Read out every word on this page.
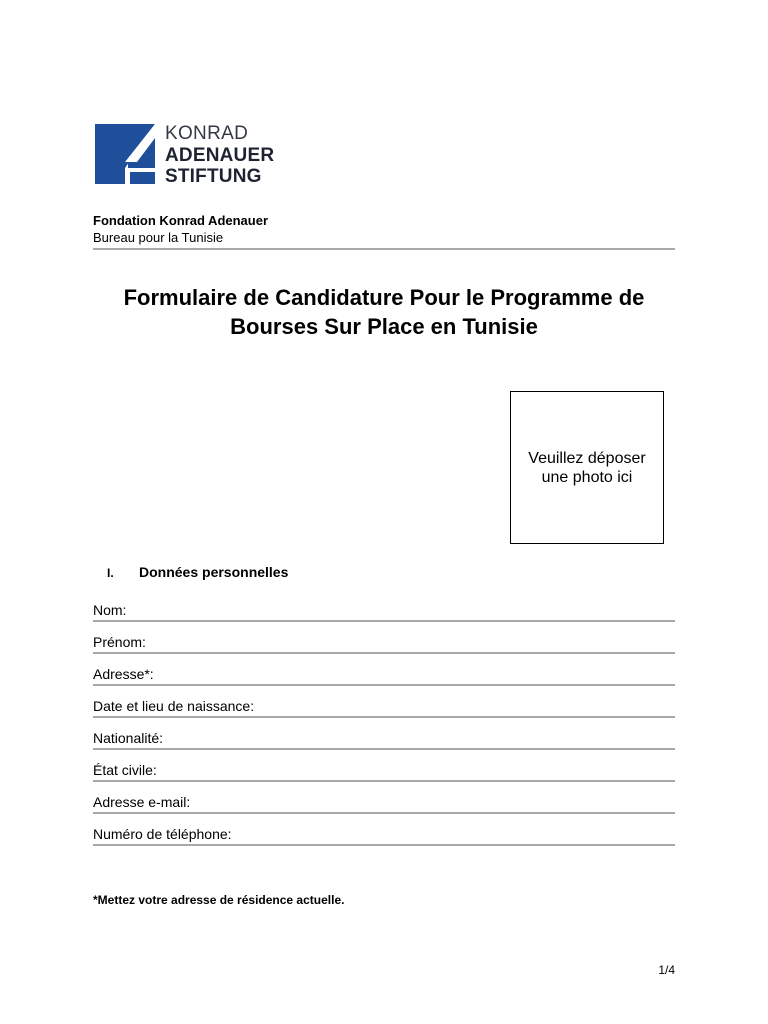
KONRAD
ADENAUER
STIFTUNG
Fondation Konrad Adenauer
Bureau pour la Tunisie
Formulaire de Candidature Pour le Programme de
Bourses Sur Place en Tunisie
Veuillez déposer
une photo ici
I. Données personnelles
Nom:
Prénom:
Adresse*:
Date et lieu de naissance:
Nationalité:
État civile:
Adresse e-mail:
Numéro de téléphone:
*Mettez votre adresse de résidence actuelle.
1/4
